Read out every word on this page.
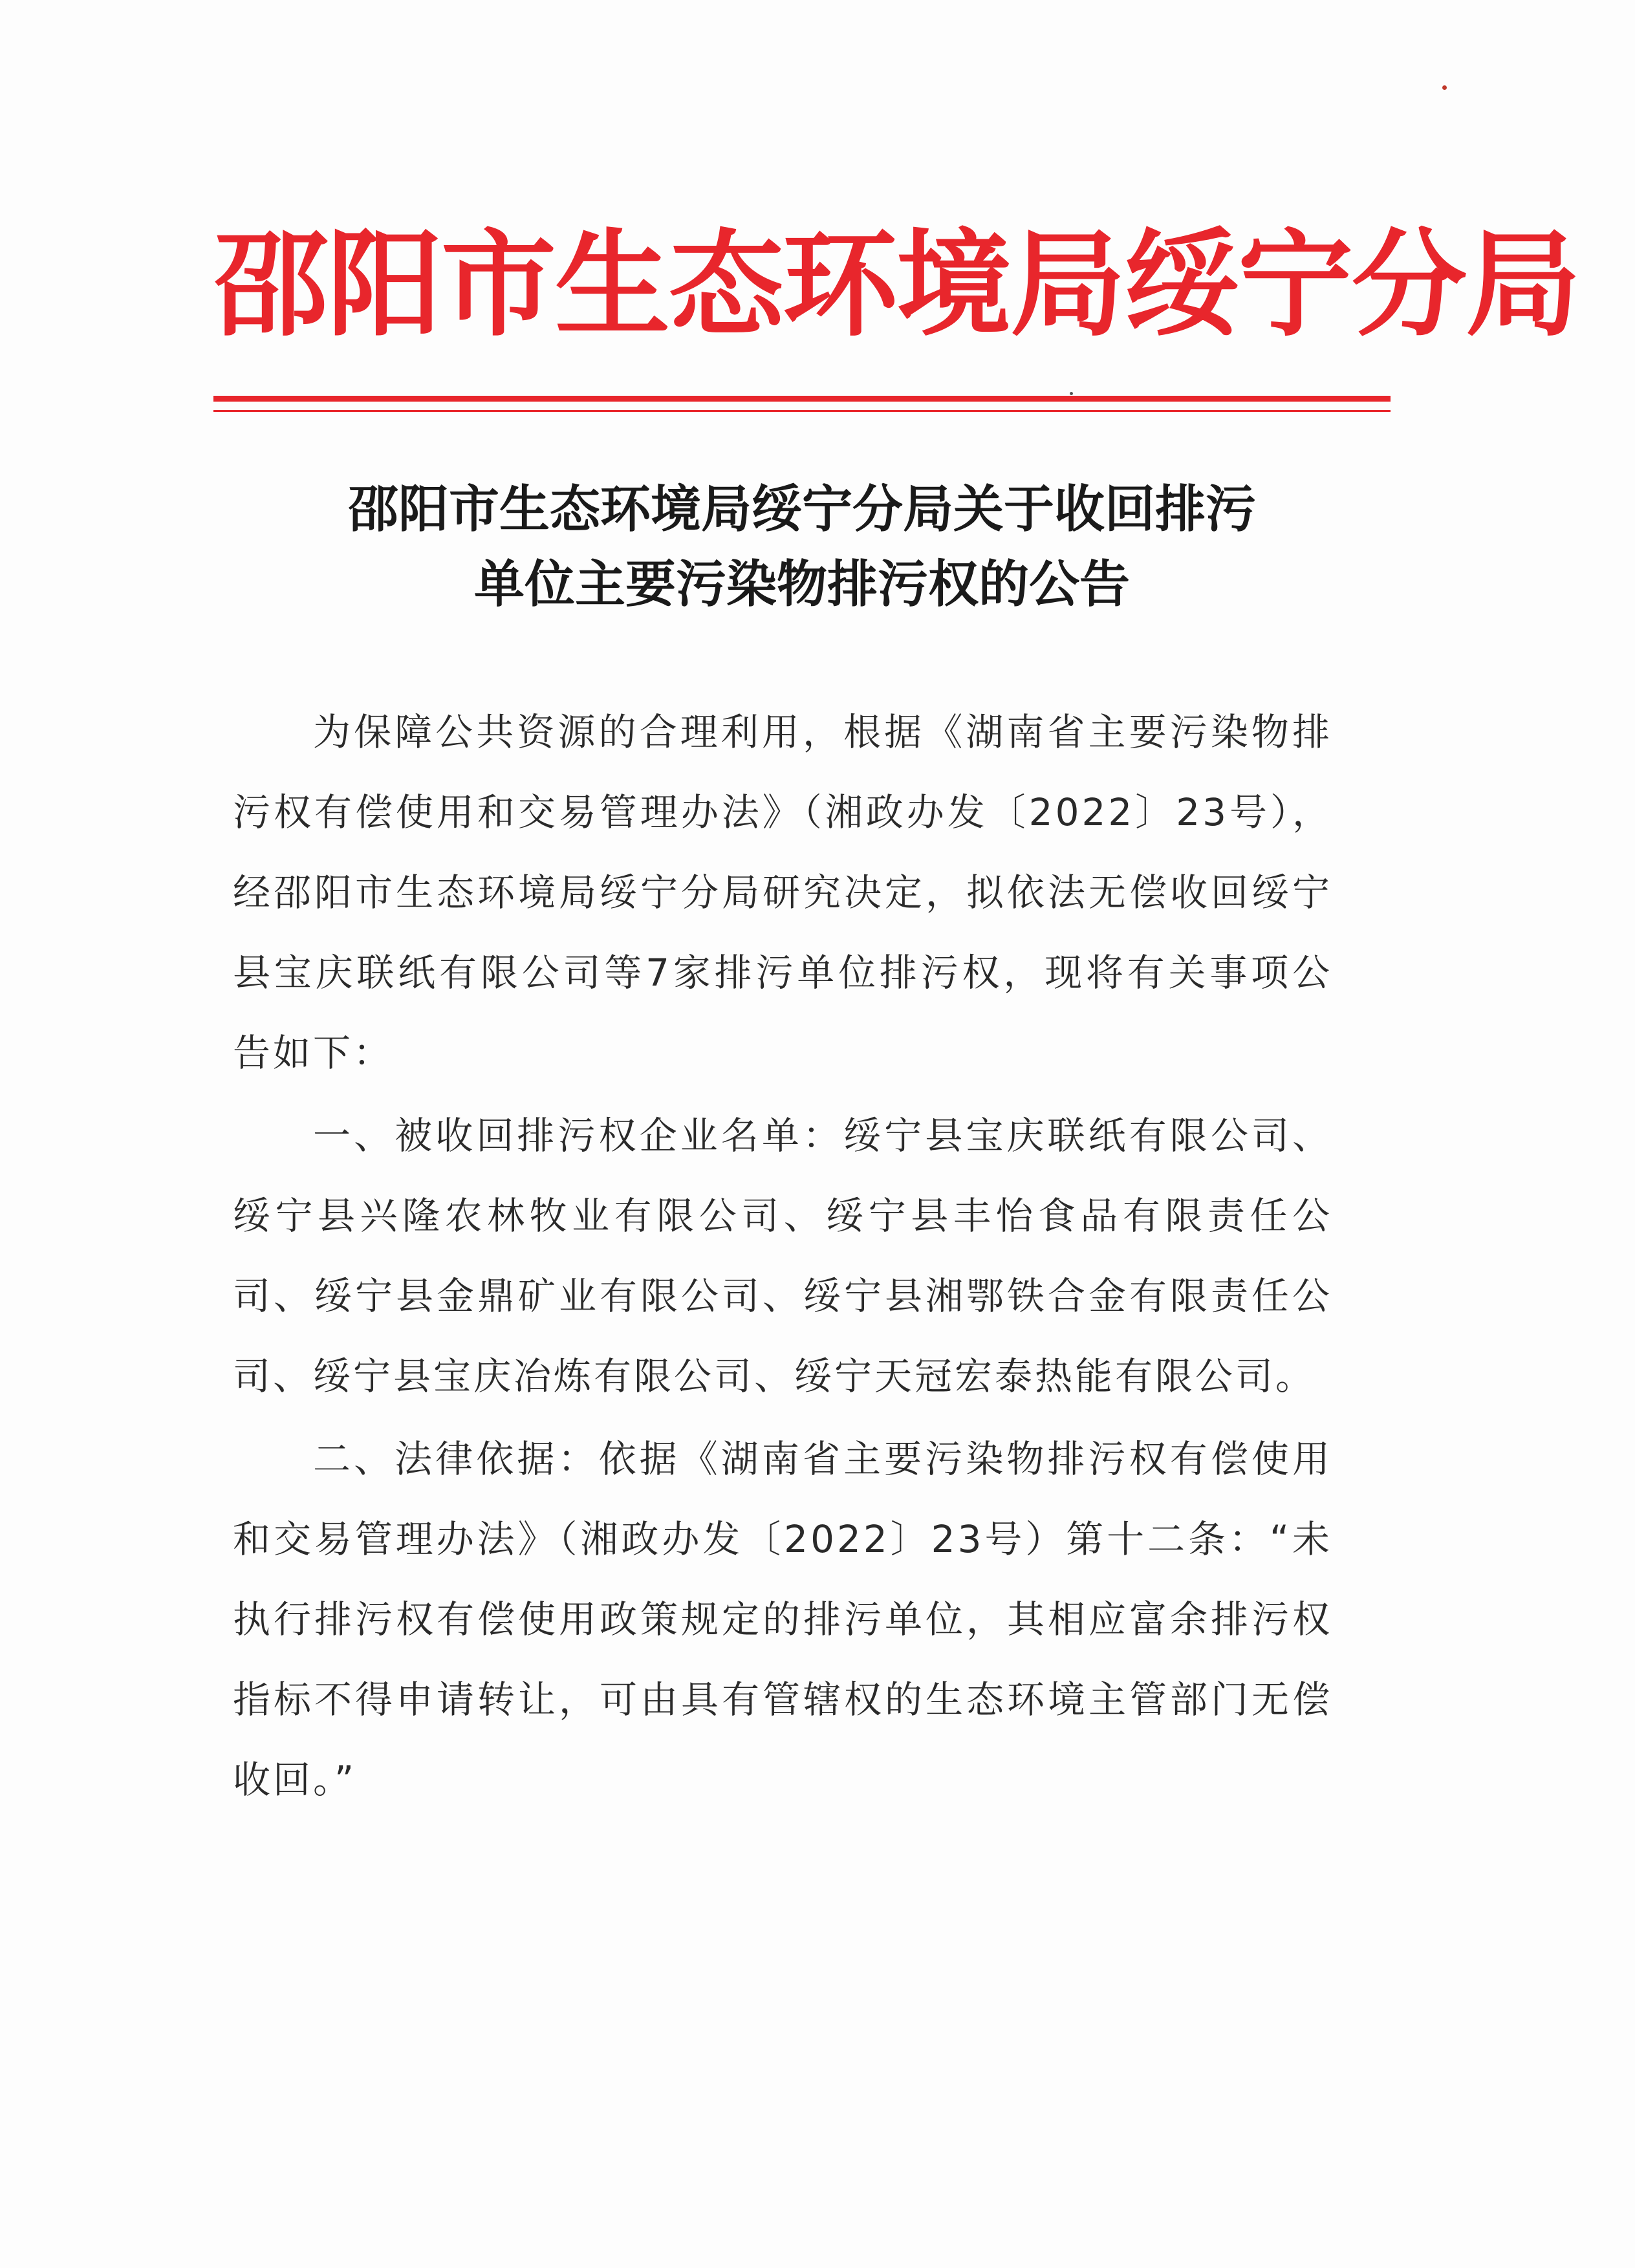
邵阳市生态环境局绥宁分局
邵阳市生态环境局绥宁分局关于收回排污
单位主要污染物排污权的公告

为保障公共资源的合理利用，根据《湖南省主要污染物排污权有偿使用和交易管理办法》（湘政办发〔2022〕23号），经邵阳市生态环境局绥宁分局研究决定，拟依法无偿收回绥宁县宝庆联纸有限公司等7家排污单位排污权，现将有关事项公告如下：

一、被收回排污权企业名单：绥宁县宝庆联纸有限公司、绥宁县兴隆农林牧业有限公司、绥宁县丰怡食品有限责任公司、绥宁县金鼎矿业有限公司、绥宁县湘鄂铁合金有限责任公司、绥宁县宝庆冶炼有限公司、绥宁天冠宏泰热能有限公司。

二、法律依据：依据《湖南省主要污染物排污权有偿使用和交易管理办法》（湘政办发〔2022〕23号）第十二条：“未执行排污权有偿使用政策规定的排污单位，其相应富余排污权指标不得申请转让，可由具有管辖权的生态环境主管部门无偿收回。”
